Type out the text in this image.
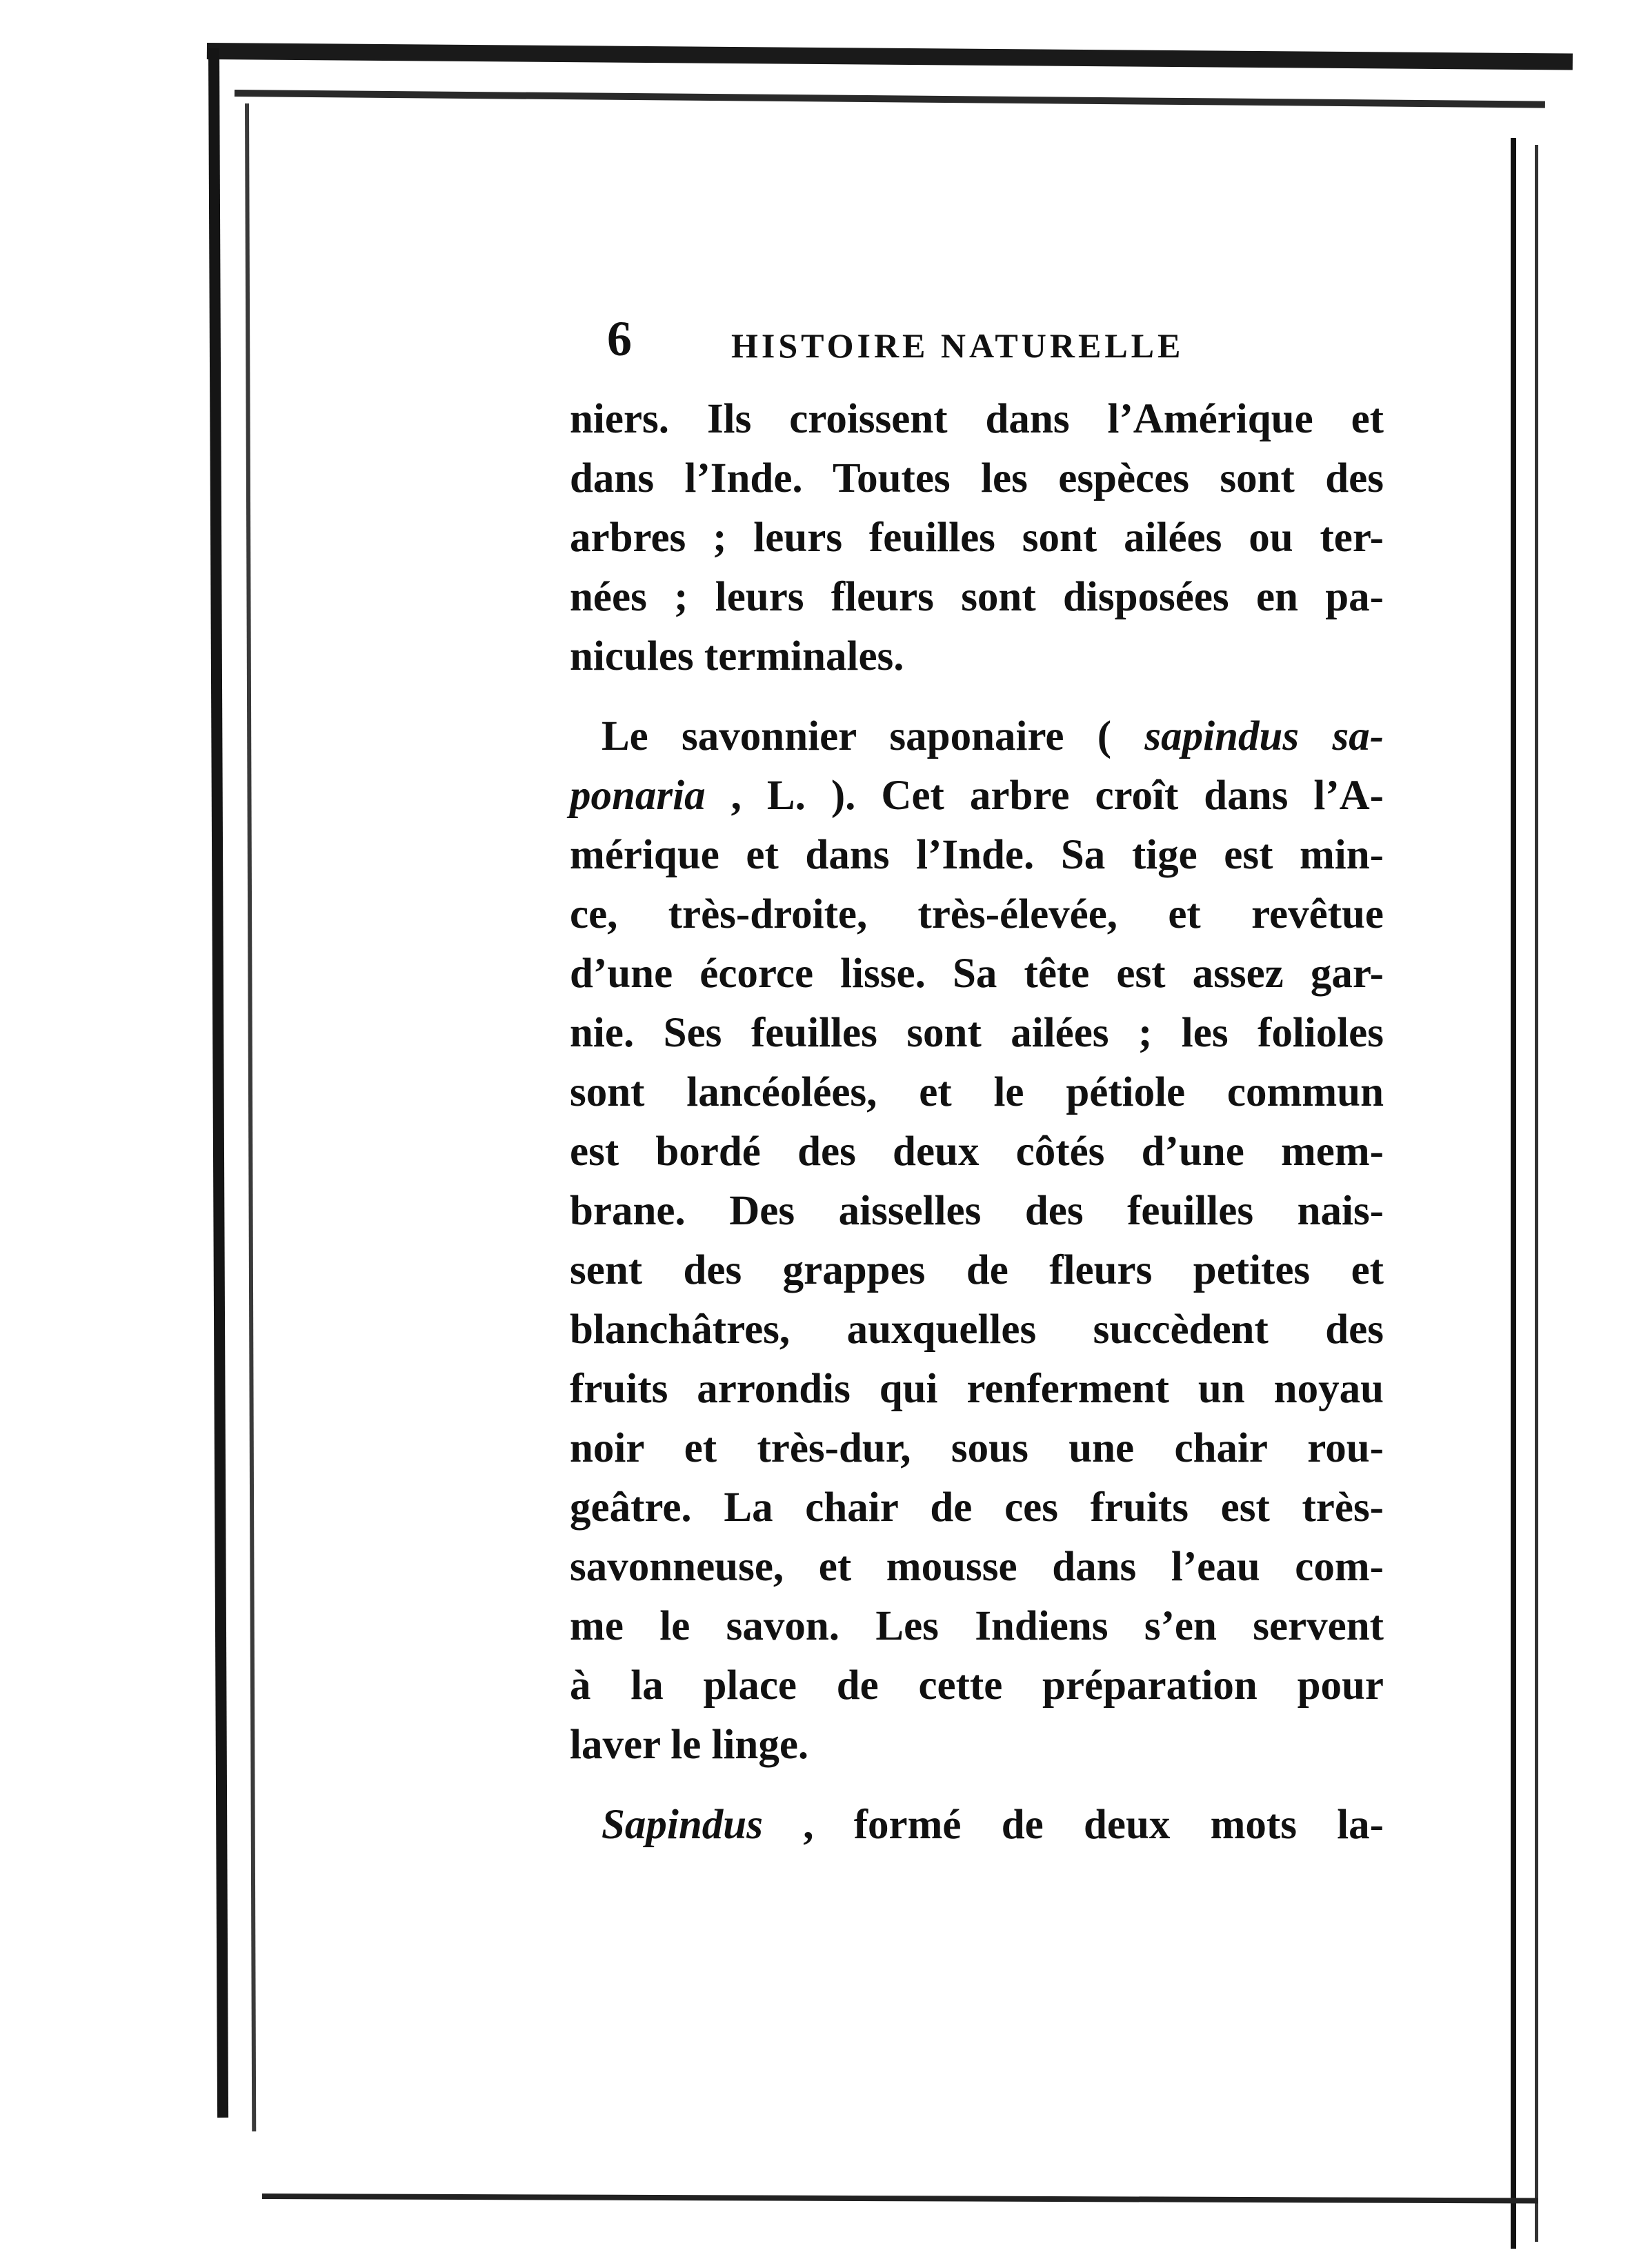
6	HISTOIRE NATURELLE
niers. Ils croissent dans l’Amérique et
dans l’Inde. Toutes les espèces sont des
arbres ; leurs feuilles sont ailées ou ter-
nées ; leurs fleurs sont disposées en pa-
nicules terminales.
Le savonnier saponaire ( sapindus sa-
ponaria , L. ). Cet arbre croît dans l’A-
mérique et dans l’Inde. Sa tige est min-
ce, très-droite, très-élevée, et revêtue
d’une écorce lisse. Sa tête est assez gar-
nie. Ses feuilles sont ailées ; les folioles
sont lancéolées, et le pétiole commun
est bordé des deux côtés d’une mem-
brane. Des aisselles des feuilles nais-
sent des grappes de fleurs petites et
blanchâtres, auxquelles succèdent des
fruits arrondis qui renferment un noyau
noir et très-dur, sous une chair rou-
geâtre. La chair de ces fruits est très-
savonneuse, et mousse dans l’eau com-
me le savon. Les Indiens s’en servent
à la place de cette préparation pour
laver le linge.
Sapindus , formé de deux mots la-
